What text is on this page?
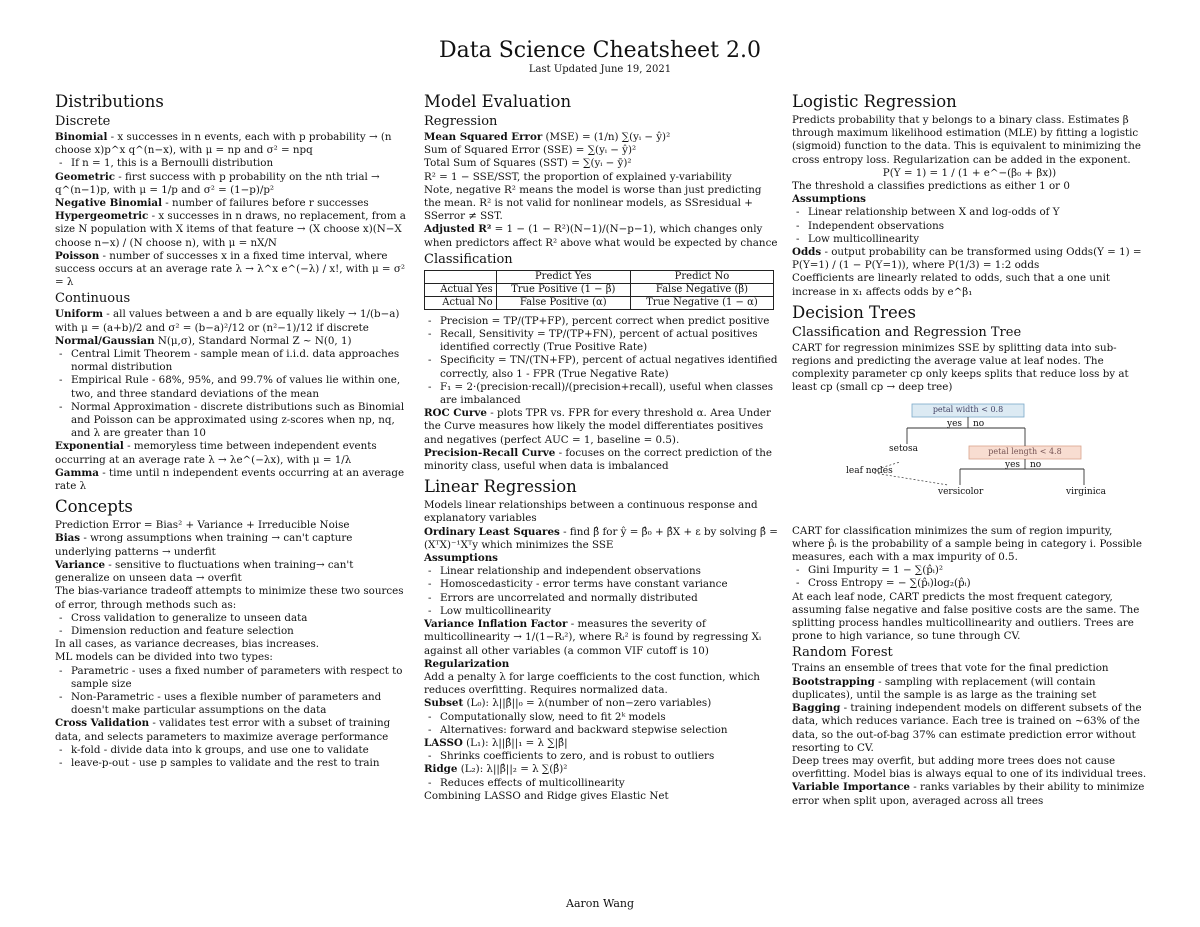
Data Science Cheatsheet 2.0
Last Updated June 19, 2021
Distributions
Discrete

Binomial - x successes in n events, each with p probability → (n choose x)p^x q^(n−x), with μ = np and σ² = npq

- If n = 1, this is a Bernoulli distribution

Geometric - first success with p probability on the nth trial → q^(n−1)p, with μ = 1/p and σ² = (1−p)/p²

Negative Binomial - number of failures before r successes

Hypergeometric - x successes in n draws, no replacement, from a size N population with X items of that feature → (X choose x)(N−X choose n−x) / (N choose n), with μ = nX/N

Poisson - number of successes x in a fixed time interval, where success occurs at an average rate λ → λ^x e^(−λ) / x!, with μ = σ² = λ

Continuous

Uniform - all values between a and b are equally likely → 1/(b−a) with μ = (a+b)/2 and σ² = (b−a)²/12 or (n²−1)/12 if discrete

Normal/Gaussian N(μ,σ), Standard Normal Z ~ N(0, 1)

- Central Limit Theorem - sample mean of i.i.d. data approaches normal distribution
- Empirical Rule - 68%, 95%, and 99.7% of values lie within one, two, and three standard deviations of the mean
- Normal Approximation - discrete distributions such as Binomial and Poisson can be approximated using z-scores when np, nq, and λ are greater than 10

Exponential - memoryless time between independent events occurring at an average rate λ → λe^(−λx), with μ = 1/λ

Gamma - time until n independent events occurring at an average rate λ

Concepts

Prediction Error = Bias² + Variance + Irreducible Noise

Bias - wrong assumptions when training → can't capture underlying patterns → underfit

Variance - sensitive to fluctuations when training→ can't generalize on unseen data → overfit

The bias-variance tradeoff attempts to minimize these two sources of error, through methods such as:

- Cross validation to generalize to unseen data
- Dimension reduction and feature selection

In all cases, as variance decreases, bias increases.

ML models can be divided into two types:

- Parametric - uses a fixed number of parameters with respect to sample size
- Non-Parametric - uses a flexible number of parameters and doesn't make particular assumptions on the data

Cross Validation - validates test error with a subset of training data, and selects parameters to maximize average performance

- k-fold - divide data into k groups, and use one to validate
- leave-p-out - use p samples to validate and the rest to train
Model Evaluation
Regression

Mean Squared Error (MSE) = (1/n) ∑(yᵢ − ŷ)²

Sum of Squared Error (SSE) = ∑(yᵢ − ŷ)²

Total Sum of Squares (SST) = ∑(yᵢ − ȳ)²

R² = 1 − SSE/SST, the proportion of explained y-variability

Note, negative R² means the model is worse than just predicting the mean. R² is not valid for nonlinear models, as SSresidual + SSerror ≠ SST.

Adjusted R² = 1 − (1 − R²)(N−1)/(N−p−1), which changes only when predictors affect R² above what would be expected by chance

Classification
	Predict Yes	Predict No
Actual Yes	True Positive (1 − β)	False Negative (β)
Actual No	False Positive (α)	True Negative (1 − α)
- Precision = TP/(TP+FP), percent correct when predict positive
- Recall, Sensitivity = TP/(TP+FN), percent of actual positives identified correctly (True Positive Rate)
- Specificity = TN/(TN+FP), percent of actual negatives identified correctly, also 1 - FPR (True Negative Rate)
- F₁ = 2·(precision·recall)/(precision+recall), useful when classes are imbalanced

ROC Curve - plots TPR vs. FPR for every threshold α. Area Under the Curve measures how likely the model differentiates positives and negatives (perfect AUC = 1, baseline = 0.5).

Precision-Recall Curve - focuses on the correct prediction of the minority class, useful when data is imbalanced

Linear Regression

Models linear relationships between a continuous response and explanatory variables

Ordinary Least Squares - find β̂ for ŷ = β̂₀ + β̂X + ε by solving β̂ = (XᵀX)⁻¹Xᵀy which minimizes the SSE

Assumptions

- Linear relationship and independent observations
- Homoscedasticity - error terms have constant variance
- Errors are uncorrelated and normally distributed
- Low multicollinearity

Variance Inflation Factor - measures the severity of multicollinearity → 1/(1−Rᵢ²), where Rᵢ² is found by regressing Xᵢ against all other variables (a common VIF cutoff is 10)

Regularization

Add a penalty λ for large coefficients to the cost function, which reduces overfitting. Requires normalized data.

Subset (L₀): λ||β̂||₀ = λ(number of non−zero variables)

- Computationally slow, need to fit 2ᵏ models
- Alternatives: forward and backward stepwise selection

LASSO (L₁): λ||β̂||₁ = λ ∑|β̂|

- Shrinks coefficients to zero, and is robust to outliers

Ridge (L₂): λ||β̂||₂ = λ ∑(β̂)²

- Reduces effects of multicollinearity

Combining LASSO and Ridge gives Elastic Net

Logistic Regression

Predicts probability that y belongs to a binary class. Estimates β through maximum likelihood estimation (MLE) by fitting a logistic (sigmoid) function to the data. This is equivalent to minimizing the cross entropy loss. Regularization can be added in the exponent.

P(Y = 1) = 1 / (1 + e^−(β₀ + βx))

The threshold a classifies predictions as either 1 or 0

Assumptions

- Linear relationship between X and log-odds of Y
- Independent observations
- Low multicollinearity

Odds - output probability can be transformed using Odds(Y = 1) = P(Y=1) / (1 − P(Y=1)), where P(1/3) = 1:2 odds

Coefficients are linearly related to odds, such that a one unit increase in x₁ affects odds by e^β₁

Decision Trees
Classification and Regression Tree

CART for regression minimizes SSE by splitting data into sub-regions and predicting the average value at leaf nodes. The complexity parameter cp only keeps splits that reduce loss by at least cp (small cp → deep tree)

petal width < 0.8
yes no
setosa	petal length < 4.8
yes no
leaf nodes
versicolor	virginica

CART for classification minimizes the sum of region impurity, where p̂ᵢ is the probability of a sample being in category i. Possible measures, each with a max impurity of 0.5.

- Gini Impurity = 1 − ∑(p̂ᵢ)²
- Cross Entropy = − ∑(p̂ᵢ)log₂(p̂ᵢ)

At each leaf node, CART predicts the most frequent category, assuming false negative and false positive costs are the same. The splitting process handles multicollinearity and outliers. Trees are prone to high variance, so tune through CV.

Random Forest

Trains an ensemble of trees that vote for the final prediction

Bootstrapping - sampling with replacement (will contain duplicates), until the sample is as large as the training set

Bagging - training independent models on different subsets of the data, which reduces variance. Each tree is trained on ~63% of the data, so the out-of-bag 37% can estimate prediction error without resorting to CV.

Deep trees may overfit, but adding more trees does not cause overfitting. Model bias is always equal to one of its individual trees.

Variable Importance - ranks variables by their ability to minimize error when split upon, averaged across all trees

Aaron Wang
